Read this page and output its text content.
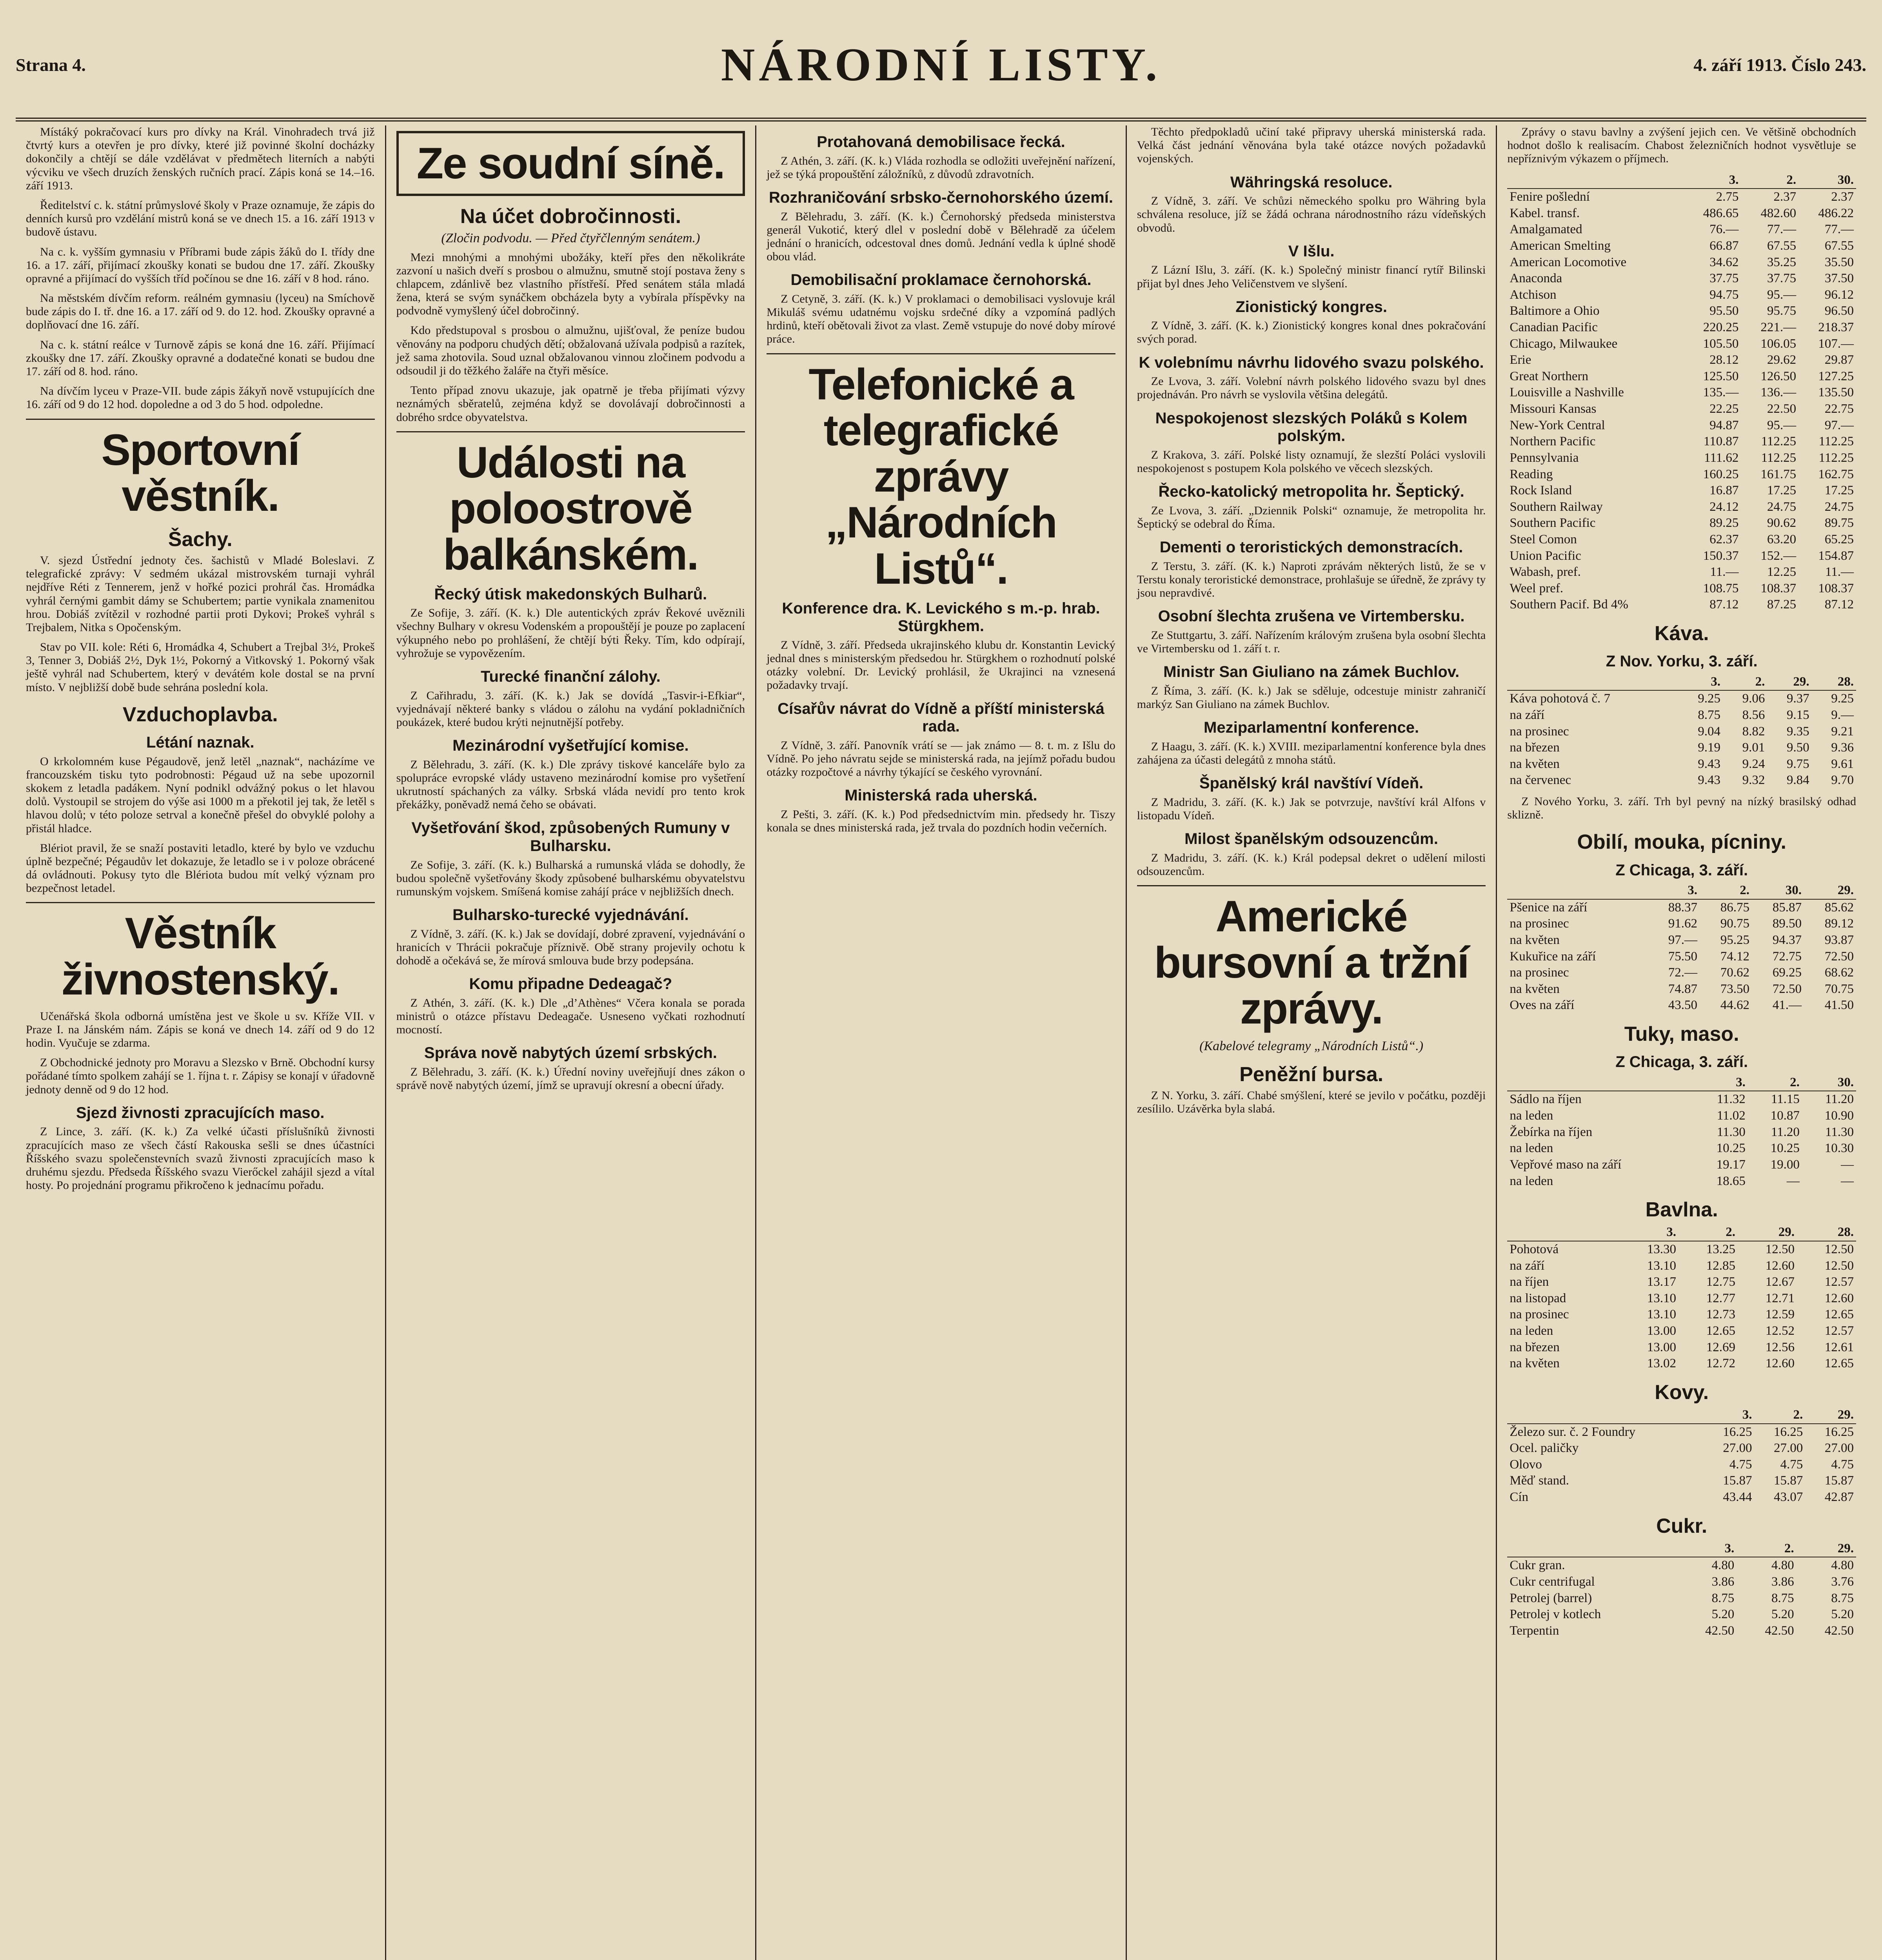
Strana 4.	NÁRODNÍ LISTY.	4. září 1913. Číslo 243.

Místáký pokračovací kurs pro dívky na Král. Vinohradech trvá již čtvrtý kurs a otevřen je pro dívky, které již povinné školní docházky dokončily a chtějí se dále vzdělávat v předmětech literních a nabýti výcviku ve všech druzích ženských ručních prací. Zápis koná se 14.–16. září 1913.

Ředitelství c. k. státní průmyslové školy v Praze oznamuje, že zápis do denních kursů pro vzdělání mistrů koná se ve dnech 15. a 16. září 1913 v budově ústavu.

Na c. k. vyšším gymnasiu v Příbrami bude zápis žáků do I. třídy dne 16. a 17. září, přijímací zkoušky konati se budou dne 17. září. Zkoušky opravné a přijímací do vyšších tříd počínou se dne 16. září v 8 hod. ráno.

Na městském dívčím reform. reálném gymnasiu (lyceu) na Smíchově bude zápis do I. tř. dne 16. a 17. září od 9. do 12. hod. Zkoušky opravné a doplňovací dne 16. září.

Na c. k. státní reálce v Turnově zápis se koná dne 16. září. Přijímací zkoušky dne 17. září. Zkoušky opravné a dodatečné konati se budou dne 17. září od 8. hod. ráno.

Na dívčím lyceu v Praze-VII. bude zápis žákyň nově vstupujících dne 16. září od 9 do 12 hod. dopoledne a od 3 do 5 hod. odpoledne.

Sportovní věstník.
Šachy.

V. sjezd Ústřední jednoty čes. šachistů v Mladé Boleslavi. Z telegrafické zprávy: V sedmém ukázal mistrovském turnaji vyhrál nejdříve Réti z Tennerem, jenž v hořké pozici prohrál čas. Hromádka vyhrál černými gambit dámy se Schubertem; partie vynikala znamenitou hrou. Dobiáš zvítězil v rozhodné partii proti Dykovi; Prokeš vyhrál s Trejbalem, Nitka s Opočenským.

Stav po VII. kole: Réti 6, Hromádka 4, Schubert a Trejbal 3½, Prokeš 3, Tenner 3, Dobiáš 2½, Dyk 1½, Pokorný a Vitkovský 1. Pokorný však ještě vyhrál nad Schubertem, který v devátém kole dostal se na první místo. V nejbližší době bude sehrána poslední kola.

Vzduchoplavba.
Létání naznak.

O krkolomném kuse Pégaudově, jenž letěl „naznak“, nacházíme ve francouzském tisku tyto podrobnosti: Pégaud už na sebe upozornil skokem z letadla padákem. Nyní podnikl odvážný pokus o let hlavou dolů. Vystoupil se strojem do výše asi 1000 m a překotil jej tak, že letěl s hlavou dolů; v této poloze setrval a konečně přešel do obvyklé polohy a přistál hladce.

Blériot pravil, že se snaží postaviti letadlo, které by bylo ve vzduchu úplně bezpečné; Pégaudův let dokazuje, že letadlo se i v poloze obrácené dá ovládnouti. Pokusy tyto dle Blériota budou mít velký význam pro bezpečnost letadel.

Věstník živnostenský.

Učenářská škola odborná umístěna jest ve škole u sv. Kříže VII. v Praze I. na Jánském nám. Zápis se koná ve dnech 14. září od 9 do 12 hodin. Vyučuje se zdarma.

Z Obchodnické jednoty pro Moravu a Slezsko v Brně. Obchodní kursy pořádané tímto spolkem zahájí se 1. října t. r. Zápisy se konají v úřadovně jednoty denně od 9 do 12 hod.

Sjezd živnosti zpracujících maso.

Z Lince, 3. září. (K. k.) Za velké účasti příslušníků živnosti zpracujících maso ze všech částí Rakouska sešli se dnes účastníci Říšského svazu společenstevních svazů živnosti zpracujících maso k druhému sjezdu. Předseda Říšského svazu Vierőckel zahájil sjezd a vítal hosty. Po projednání programu přikročeno k jednacímu pořadu.

Ze soudní síně.
Na účet dobročinnosti.
(Zločin podvodu. — Před čtyřčlenným senátem.)

Mezi mnohými a mnohými ubožáky, kteří přes den několikráte zazvoní u našich dveří s prosbou o almužnu, smutně stojí postava ženy s chlapcem, zdánlivě bez vlastního přístřeší. Před senátem stála mladá žena, která se svým synáčkem obcházela byty a vybírala příspěvky na podvodně vymyšlený účel dobročinný.

Kdo předstupoval s prosbou o almužnu, ujišťoval, že peníze budou věnovány na podporu chudých dětí; obžalovaná užívala podpisů a razítek, jež sama zhotovila. Soud uznal obžalovanou vinnou zločinem podvodu a odsoudil ji do těžkého žaláře na čtyři měsíce.

Tento případ znovu ukazuje, jak opatrně je třeba přijímati výzvy neznámých sběratelů, zejména když se dovolávají dobročinnosti a dobrého srdce obyvatelstva.

Události na poloostrově balkánském.
Řecký útisk makedonských Bulharů.

Ze Sofije, 3. září. (K. k.) Dle autentických zpráv Řekové uvěznili všechny Bulhary v okresu Vodenském a propouštějí je pouze po zaplacení výkupného nebo po prohlášení, že chtějí býti Řeky. Tím, kdo odpírají, vyhrožuje se vypovězením.

Turecké finanční zálohy.

Z Cařihradu, 3. září. (K. k.) Jak se dovídá „Tasvir-i-Efkiar“, vyjednávají některé banky s vládou o zálohu na vydání pokladničních poukázek, které budou krýti nejnutnější potřeby.

Mezinárodní vyšetřující komise.

Z Bělehradu, 3. září. (K. k.) Dle zprávy tiskové kanceláře bylo za spolupráce evropské vlády ustaveno mezinárodní komise pro vyšetření ukrutností spáchaných za války. Srbská vláda nevidí pro tento krok překážky, poněvadž nemá čeho se obávati.

Vyšetřování škod, způsobených Rumuny v Bulharsku.

Ze Sofije, 3. září. (K. k.) Bulharská a rumunská vláda se dohodly, že budou společně vyšetřovány škody způsobené bulharskému obyvatelstvu rumunským vojskem. Smíšená komise zahájí práce v nejbližších dnech.

Bulharsko-turecké vyjednávání.

Z Vídně, 3. září. (K. k.) Jak se dovídají, dobré zpravení, vyjednávání o hranicích v Thrácii pokračuje příznivě. Obě strany projevily ochotu k dohodě a očekává se, že mírová smlouva bude brzy podepsána.

Komu připadne Dedeagač?

Z Athén, 3. září. (K. k.) Dle „d’Athènes“ Včera konala se porada ministrů o otázce přístavu Dedeagače. Usneseno vyčkati rozhodnutí mocností.

Správa nově nabytých území srbských.

Z Bělehradu, 3. září. (K. k.) Úřední noviny uveřejňují dnes zákon o správě nově nabytých území, jímž se upravují okresní a obecní úřady.

Protahovaná demobilisace řecká.

Z Athén, 3. září. (K. k.) Vláda rozhodla se odložiti uveřejnění nařízení, jež se týká propouštění záložníků, z důvodů zdravotních.

Rozhraničování srbsko-černohorského území.

Z Bělehradu, 3. září. (K. k.) Černohorský předseda ministerstva generál Vukotić, který dlel v poslední době v Bělehradě za účelem jednání o hranicích, odcestoval dnes domů. Jednání vedla k úplné shodě obou vlád.

Demobilisační proklamace černohorská.

Z Cetyně, 3. září. (K. k.) V proklamaci o demobilisaci vyslovuje král Mikuláš svému udatnému vojsku srdečné díky a vzpomíná padlých hrdinů, kteří obětovali život za vlast. Země vstupuje do nové doby mírové práce.

Telefonické a telegrafické zprávy „Národních Listů“.
Konference dra. K. Levického s m.-p. hrab. Stürgkhem.

Z Vídně, 3. září. Předseda ukrajinského klubu dr. Konstantin Levický jednal dnes s ministerským předsedou hr. Stürgkhem o rozhodnutí polské otázky volební. Dr. Levický prohlásil, že Ukrajinci na vznesená požadavky trvají.

Císařův návrat do Vídně a příští ministerská rada.

Z Vídně, 3. září. Panovník vrátí se — jak známo — 8. t. m. z Išlu do Vídně. Po jeho návratu sejde se ministerská rada, na jejímž pořadu budou otázky rozpočtové a návrhy týkající se českého vyrovnání.

Ministerská rada uherská.

Z Pešti, 3. září. (K. k.) Pod předsednictvím min. předsedy hr. Tiszy konala se dnes ministerská rada, jež trvala do pozdních hodin večerních.

Těchto předpokladů učiní také připravy uherská ministerská rada. Velká část jednání věnována byla také otázce nových požadavků vojenských.

Währingská resoluce.

Z Vídně, 3. září. Ve schůzi německého spolku pro Währing byla schválena resoluce, jíž se žádá ochrana národnostního rázu vídeňských obvodů.

V Išlu.

Z Lázní Išlu, 3. září. (K. k.) Společný ministr financí rytíř Bilinski přijat byl dnes Jeho Veličenstvem ve slyšení.

Zionistický kongres.

Z Vídně, 3. září. (K. k.) Zionistický kongres konal dnes pokračování svých porad.

K volebnímu návrhu lidového svazu polského.

Ze Lvova, 3. září. Volební návrh polského lidového svazu byl dnes projednáván. Pro návrh se vyslovila většina delegátů.

Nespokojenost slezských Poláků s Kolem polským.

Z Krakova, 3. září. Polské listy oznamují, že slezští Poláci vyslovili nespokojenost s postupem Kola polského ve věcech slezských.

Řecko-katolický metropolita hr. Šeptický.

Ze Lvova, 3. září. „Dziennik Polski“ oznamuje, že metropolita hr. Šeptický se odebral do Říma.

Dementi o teroristických demonstracích.

Z Terstu, 3. září. (K. k.) Naproti zprávám některých listů, že se v Terstu konaly teroristické demonstrace, prohlašuje se úředně, že zprávy ty jsou nepravdivé.

Osobní šlechta zrušena ve Virtembersku.

Ze Stuttgartu, 3. září. Nařízením královým zrušena byla osobní šlechta ve Virtembersku od 1. září t. r.

Ministr San Giuliano na zámek Buchlov.

Z Říma, 3. září. (K. k.) Jak se sděluje, odcestuje ministr zahraničí markýz San Giuliano na zámek Buchlov.

Meziparlamentní konference.

Z Haagu, 3. září. (K. k.) XVIII. meziparlamentní konference byla dnes zahájena za účasti delegátů z mnoha států.

Španělský král navštíví Vídeň.

Z Madridu, 3. září. (K. k.) Jak se potvrzuje, navštíví král Alfons v listopadu Vídeň.

Milost španělským odsouzencům.

Z Madridu, 3. září. (K. k.) Král podepsal dekret o udělení milosti odsouzencům.

Americké bursovní a tržní zprávy.
(Kabelové telegramy „Národních Listů“.)
Peněžní bursa.

Z N. Yorku, 3. září. Chabé smýšlení, které se jevilo v počátku, později zesílilo. Uzávěrka byla slabá.

Zprávy o stavu bavlny a zvýšení jejich cen. Ve většině obchodních hodnot došlo k realisacím. Chabost železničních hodnot vysvětluje se nepříznivým výkazem o příjmech.

	3.	2.	30.
Fenire pošlední	2.75	2.37	2.37
Kabel. transf.	486.65	482.60	486.22
Amalgamated	76.—	77.—	77.—
American Smelting	66.87	67.55	67.55
American Locomotive	34.62	35.25	35.50
Anaconda	37.75	37.75	37.50
Atchison	94.75	95.—	96.12
Baltimore a Ohio	95.50	95.75	96.50
Canadian Pacific	220.25	221.—	218.37
Chicago, Milwaukee	105.50	106.05	107.—
Erie	28.12	29.62	29.87
Great Northern	125.50	126.50	127.25
Louisville a Nashville	135.—	136.—	135.50
Missouri Kansas	22.25	22.50	22.75
New-York Central	94.87	95.—	97.—
Northern Pacific	110.87	112.25	112.25
Pennsylvania	111.62	112.25	112.25
Reading	160.25	161.75	162.75
Rock Island	16.87	17.25	17.25
Southern Railway	24.12	24.75	24.75
Southern Pacific	89.25	90.62	89.75
Steel Comon	62.37	63.20	65.25
Union Pacific	150.37	152.—	154.87
Wabash, pref.	11.—	12.25	11.—
Weel pref.	108.75	108.37	108.37
Southern Pacif. Bd 4%	87.12	87.25	87.12
Káva.
Z Nov. Yorku, 3. září.
	3.	2.	29.	28.
Káva pohotová č. 7	9.25	9.06	9.37	9.25
na září	8.75	8.56	9.15	9.—
na prosinec	9.04	8.82	9.35	9.21
na březen	9.19	9.01	9.50	9.36
na květen	9.43	9.24	9.75	9.61
na červenec	9.43	9.32	9.84	9.70

Z Nového Yorku, 3. září. Trh byl pevný na nízký brasilský odhad sklizně.

Obilí, mouka, pícniny.
Z Chicaga, 3. září.
	3.	2.	30.	29.
Pšenice na září	88.37	86.75	85.87	85.62
na prosinec	91.62	90.75	89.50	89.12
na květen	97.—	95.25	94.37	93.87
Kukuřice na září	75.50	74.12	72.75	72.50
na prosinec	72.—	70.62	69.25	68.62
na květen	74.87	73.50	72.50	70.75
Oves na září	43.50	44.62	41.—	41.50
Tuky, maso.
Z Chicaga, 3. září.
	3.	2.	30.
Sádlo na říjen	11.32	11.15	11.20
na leden	11.02	10.87	10.90
Žebírka na říjen	11.30	11.20	11.30
na leden	10.25	10.25	10.30
Vepřové maso na září	19.17	19.00	—
na leden	18.65	—	—
Bavlna.
	3.	2.	29.	28.
Pohotová	13.30	13.25	12.50	12.50
na září	13.10	12.85	12.60	12.50
na říjen	13.17	12.75	12.67	12.57
na listopad	13.10	12.77	12.71	12.60
na prosinec	13.10	12.73	12.59	12.65
na leden	13.00	12.65	12.52	12.57
na březen	13.00	12.69	12.56	12.61
na květen	13.02	12.72	12.60	12.65
Kovy.
	3.	2.	29.
Železo sur. č. 2 Foundry	16.25	16.25	16.25
Ocel. paličky	27.00	27.00	27.00
Olovo	4.75	4.75	4.75
Měď stand.	15.87	15.87	15.87
Cín	43.44	43.07	42.87
Cukr.
	3.	2.	29.
Cukr gran.	4.80	4.80	4.80
Cukr centrifugal	3.86	3.86	3.76
Petrolej (barrel)	8.75	8.75	8.75
Petrolej v kotlech	5.20	5.20	5.20
Terpentin	42.50	42.50	42.50
